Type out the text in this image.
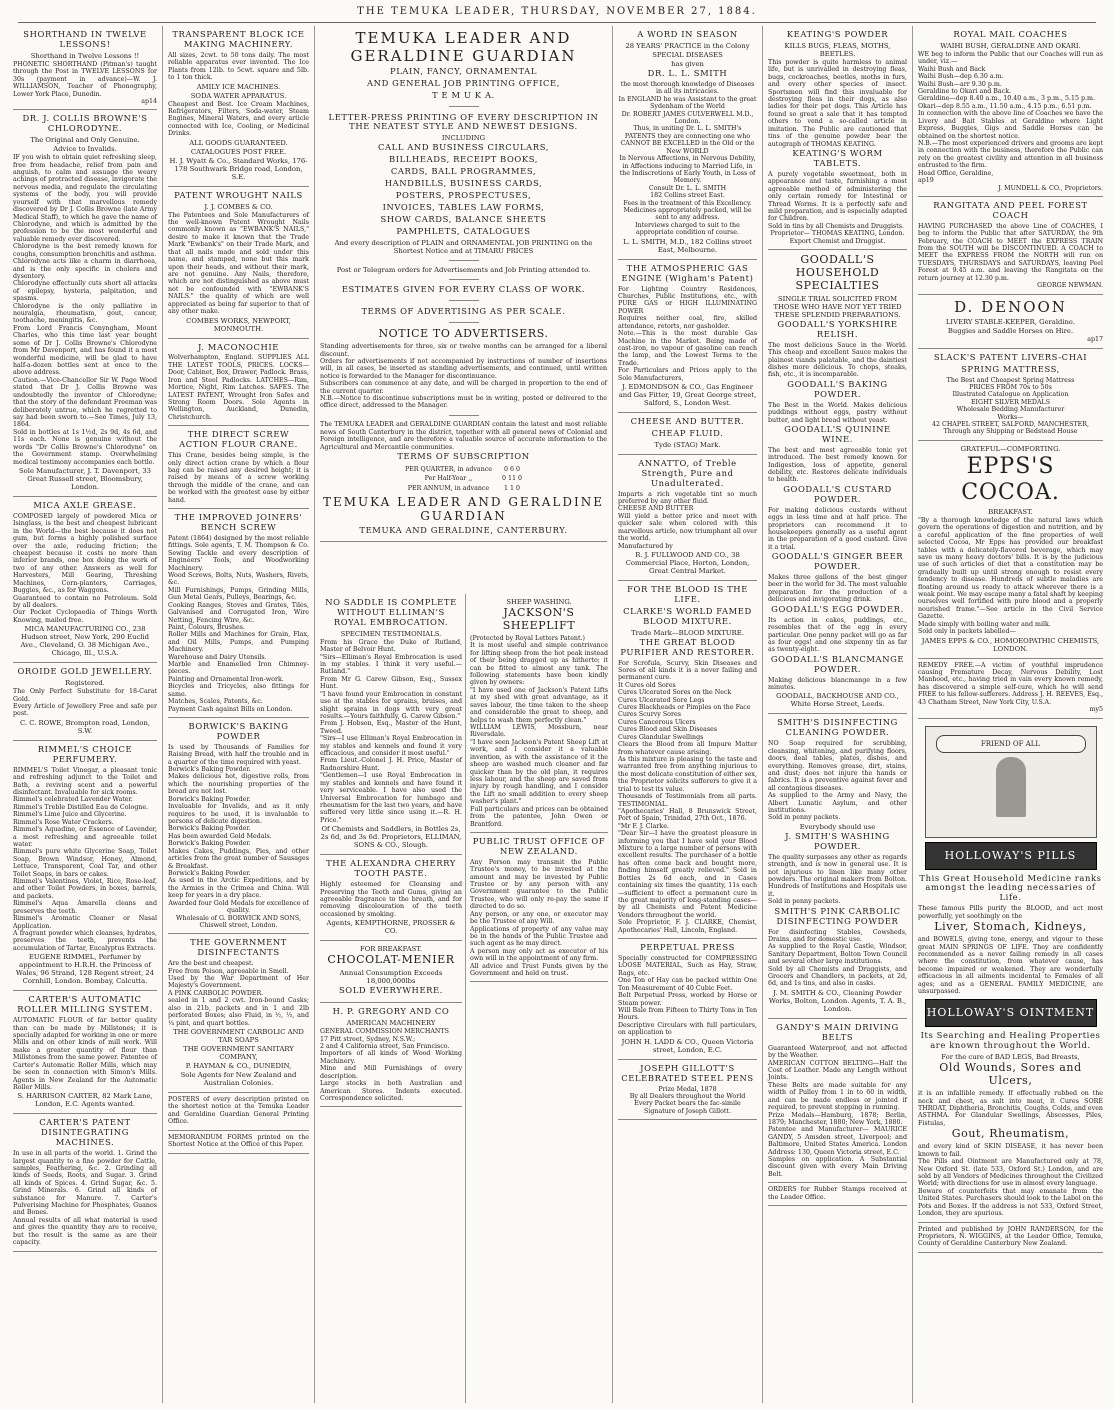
THE TEMUKA LEADER, THURSDAY, NOVEMBER 27, 1884.
SHORTHAND IN TWELVE LESSONS!
Shorthand in Twelve Lessons !!
PHONETIC SHORTHAND (Pitman's) taught through the Post in TWELVE LESSONS for 30s (payment in advance)—W. J. WILLIAMSON, Teacher of Phonography, Lower York Place, Dunedin.
ap14
DR. J. COLLIS BROWNE'S CHLORODYNE.
The Original and Only Genuine.
Advice to Invalids.
IF you wish to obtain quiet refreshing sleep, free from headache, relief from pain and anguish, to calm and assuage the weary achings of protracted disease, invigorate the nervous media, and regulate the circulating systems of the body, you will provide yourself with that marvellous remedy discovered by Dr J. Collis Browne (late Army Medical Staff), to which he gave the name of Chlorodyne, and which is admitted by the profession to be the most wonderful and valuable remedy ever discovered.
Chlorodyne is the best remedy known for coughs, consumption bronchitis and asthma.
Chlorodyne acts like a charm in diarrhoea, and is the only specific in cholera and dysentery.
Chlorodyne effectually cuts short all attacks of epilepsy, hysteria, palpitation, and spasms.
Chlorodyne is the only palliative in neuralgia, rheumatism, gout, cancer, toothache, meningitis, &c.
From Lord Francis Conyngham, Mount Charles, who this time last year bought some of Dr J. Collis Browne's Chlorodyne from Mr Davenport, and has found it a most wonderful medicine, will be glad to have half-a-dozen bottles sent at once to the above address.
Caution.—Vice-Chancellor Sir W. Page Wood stated that Dr J. Collis Browne was undoubtedly the inventor of Chlorodyne; that the story of the defendant Freeman was deliberately untrue, which he regretted to say had been sworn to.—See Times, July 13, 1864.
Sold in bottles at 1s 1½d, 2s 9d, 4s 6d, and 11s each. None is genuine without the words "Dr Collis Browne's Chlorodyne" on the Government stamp. Overwhelming medical testimony accompanies each bottle.
Sole Manufacturer, J. T. Davenport, 33 Great Russell street, Bloomsbury, London.
MICA AXLE GREASE.
COMPOSED largely of powdered Mica or Isinglass, is the best and cheapest lubricant in the World—the best because it does not gum, but forms a highly polished surface over the axle, reducing friction; the cheapest because it costs no more than inferior brands, one box doing the work of two of any other. Answers as well for Harvesters, Mill Gearing, Threshing Machines, Corn-planters, Carriages, Buggies, &c., as for Waggons.
Guaranteed to contain no Petroleum. Sold by all dealers.
Our Pocket Cyclopaedia of Things Worth Knowing, mailed free.
MICA MANUFACTURING CO., 238 Hudson street, New York, 290 Euclid Ave., Cleveland, O. 38 Michigan Ave., Chicago, Ill., U.S.A.
OROIDE GOLD JEWELLERY.
Registered.
The Only Perfect Substitute for 18-Carat Gold.
Every Article of Jewellery Free and safe per post.
C. C. ROWE, Brompton road, London, S.W.
RIMMEL'S CHOICE PERFUMERY.
RIMMEL'S Toilet Vinegar, a pleasant tonic and refreshing adjunct to the Toilet and Bath, a reviving scent and a powerful disinfectant. Invaluable for sick rooms.
Rimmel's celebrated Lavender Water.
Rimmel's Treble Distilled Eau de Cologne.
Rimmel's Lime Juice and Glycerine.
Rimmel's Rose Water Crackers.
Rimmel's Aquadine, or Essence of Lavender, a most refreshing and agreeable toilet water.
Rimmel's pure white Glycerine Soap, Toilet Soap, Brown Windsor, Honey, Almond, Lettuce, Transparent, Coal Tar, and other Toilet Soaps, in bars or cakes.
Rimmel's Valentines, Violet, Rice, Rose-leaf, and other Toilet Powders, in boxes, barrels, and packets.
Rimmel's Aqua Amarella cleans and preserves the teeth.
Rimmel's Aromatic Cleaner or Nasal Application.
A fragrant powder which cleanses, hydrates, preserves the teeth, prevents the accumulation of Tartar, Eucalyptus Extracts.
EUGENE RIMMEL, Perfumer by appointment to H.R.H. the Princess of Wales, 96 Strand, 128 Regent street, 24 Cornhill, London. Bombay, Calcutta.
CARTER'S AUTOMATIC ROLLER MILLING SYSTEM.
AUTOMATIC FLOUR of far better quality than can be made by Millstones; it is specially adapted for working in one or more Mills and on other kinds of mill work. Will make a greater quantity of flour than Millstones from the same power. Patentee of Carter's Automatic Roller Mills, which may be seen in connection with Simon's Mills. Agents in New Zealand for the Automatic Roller Mills.
S. HARRISON CARTER, 82 Mark Lane, London, E.C. Agents wanted.
CARTER'S PATENT DISINTEGRATING MACHINES.
In use in all parts of the world. 1. Grind the largest quantity to a fine powder for Cattle, samples, Feathering, &c. 2. Grinding all kinds of Seeds, Roots, and Sugar. 3. Grind all kinds of Spices. 4. Grind Sugar, &c. 5. Grind Minerals. 6. Grind all kinds of substance for Manure. 7. Carter's Pulverising Machine for Phosphates, Guanos and Bones.
Annual results of all what material is used and gives the quantity they are to receive, but the result is the same as are their capacity.
TRANSPARENT BLOCK ICE MAKING MACHINERY.
All sizes, 2cwt. to 50 tons daily. The most reliable apparatus ever invented. The Ice Plants from 12lb. to 5cwt. square and 5lb. to 1 ton thick.
AMILY ICE MACHINES.
SODA WATER APPARATUS.
Cheapest and Best. Ice Cream Machines, Refrigerators, Filters, Soda-water, Steam Engines, Mineral Waters, and every article connected with Ice, Cooling, or Medicinal Drinks.
ALL GOODS GUARANTEED.
CATALOGUES POST FREE.
H. J. Wyatt & Co., Standard Works, 176-178 Southwark Bridge road, London, S.E.
PATENT WROUGHT NAILS
J. J. COMBES & CO.
The Patentees and Sole Manufacturers of the well-known Patent Wrought Nails commonly known as "EWBANK'S NAILS," desire to make it known that the Trade Mark "Ewbank's" on their Trade Mark, and that all nails made and sold under this name, and stamped, none but this mark upon their heads, and without their mark, are not genuine. Any Nails, therefore, which are not distinguished as above must not be confounded with "EWBANK'S NAILS." the quality of which are well appreciated as being far superior to that of any other make.
COMBES WORKS, NEWPORT, MONMOUTH.
J. MACONOCHIE
Wolverhampton, England. SUPPLIES ALL THE LATEST TOOLS, PRICES. LOCKS—Door, Cabinet, Box, Drawer, Padlock. Brass, Iron and Steel Padlocks. LATCHES—Rim, Mortice, Night, Rim Latches. SAFES. The LATEST PATENT, Wrought Iron Safes and Strong Room Doors. Sole Agents in Wellington, Auckland, Dunedin, Christchurch.
THE DIRECT SCREW ACTION FLOUR CRANE.
This Crane, besides being simple, is the only direct action crane by which a flour bag can be raised any desired height; it is raised by means of a screw working through the middle of the crane, and can be worked with the greatest ease by either hand.
THE IMPROVED JOINERS' BENCH SCREW
Patent (1864) designed by the most reliable fittings. Sole agents, T. M. Thompson & Co. Sewing Tackle and every description of Engineers' Tools, and Woodworking Machinery.
Wood Screws, Bolts, Nuts, Washers, Rivets, &c.
Mill Furnishings, Pumps, Grinding Mills, Gun Metal Gears, Pulleys, Bearings, &c.
Cooking Ranges, Stoves and Grates, Tiles, Galvanised and Corrugated Iron, Wire Netting, Fencing Wire, &c.
Paint, Colours, Brushes.
Roller Mills and Machines for Grain, Flax, and Oil Mills, Pumps, and Pumping Machinery.
Warehouse and Dairy Utensils.
Marble and Enamelled Iron Chimney-pieces.
Painting and Ornamental Iron-work.
Bicycles and Tricycles, also fittings for same.
Matches, Scales, Patents, &c.
Payment Cash against Bills on London.
BORWICK'S BAKING POWDER
Is used by Thousands of Families for Raising Bread, with half the trouble and in a quarter of the time required with yeast.
Borwick's Baking Powder.
Makes delicious hot, digestive rolls, from which the nourishing properties of the bread are not lost.
Borwick's Baking Powder.
Invaluable for Invalids, and as it only requires to be used, it is invaluable to persons of delicate digestion.
Borwick's Baking Powder.
Has been awarded Gold Medals.
Borwick's Baking Powder.
Makes Cakes, Puddings, Pies, and other articles from the great number of Sausages & Breakfast.
Borwick's Baking Powder.
As used in the Arctic Expeditions, and by the Armies in the Crimea and China. Will keep for years in a dry place.
Awarded four Gold Medals for excellence of quality.
Wholesale of G. BORWICK AND SONS, Chiswell street, London.
THE GOVERNMENT DISINFECTANTS
Are the best and cheapest.
Free from Poison, agreeable in Smell.
Used by the War Department of Her Majesty's Government.
A PINK CARBOLIC POWDER.
sealed in 1 and 2 cwt. Iron-bound Casks; also in 21b, packets and in 1 and 2lb perforated Boxes; also Fluid, in ½, ⅓, and ¼ pint, and quart bottles.
THE GOVERNMENT CARBOLIC AND TAR SOAPS
THE GOVERNMENT SANITARY COMPANY,
P. HAYMAN & CO., DUNEDIN,
Sole Agents for New Zealand and Australian Colonies.
POSTERS of every description printed on the shortest notice at the Temuka Leader and Geraldine Guardian General Printing Office.
MEMORANDUM FORMS printed on the Shortest Notice at the Office of this Paper.
TEMUKA LEADER AND GERALDINE GUARDIAN
PLAIN, FANCY, ORNAMENTAL
AND GENERAL JOB PRINTING OFFICE,
T E M U K A.
LETTER-PRESS PRINTING OF EVERY DESCRIPTION IN THE NEATEST STYLE AND NEWEST DESIGNS.
INCLUDING
CALL AND BUSINESS CIRCULARS,
BILLHEADS, RECEIPT BOOKS,
CARDS, BALL PROGRAMMES,
HANDBILLS, BUSINESS CARDS,
POSTERS, PROSPECTUSES,
INVOICES, TABLES LAW FORMS,
SHOW CARDS, BALANCE SHEETS
PAMPHLETS, CATALOGUES
And every description of PLAIN and ORNAMENTAL JOB PRINTING on the Shortest Notice and at TIMARU PRICES
Post or Telegram orders for Advertisements and Job Printing attended to.
ESTIMATES GIVEN FOR EVERY CLASS OF WORK.
TERMS OF ADVERTISING AS PER SCALE.
NOTICE TO ADVERTISERS.
Standing advertisements for three, six or twelve months can be arranged for a liberal discount.
Orders for advertisements if not accompanied by instructions of number of insertions will, in all cases, be inserted as standing advertisements, and continued, until written notice is forwarded to the Manager for discontinuance.
Subscribers can commence at any date, and will be charged in proportion to the end of the current quarter.
N.B.—Notice to discontinue subscriptions must be in writing, posted or delivered to the office direct, addressed to the Manager.
The TEMUKA LEADER and GERALDINE GUARDIAN contain the latest and most reliable news of South Canterbury in the district, together with all general news of Colonial and Foreign intelligence, and are therefore a valuable source of accurate information to the Agricultural and Mercantile communities.
TERMS OF SUBSCRIPTION
PER QUARTER, in advance	0 6 0
Per Half-Year ,,	0 11 0
PER ANNUM, in advance	1 1 0
TEMUKA LEADER AND GERALDINE GUARDIAN
TEMUKA AND GERALDINE, CANTERBURY.
NO SADDLE IS COMPLETE WITHOUT ELLIMAN'S ROYAL EMBROCATION.
SPECIMEN TESTIMONIALS.
From his Grace the Duke of Rutland, Master of Belvoir Hunt.
"Sirs—Elliman's Royal Embrocation is used in my stables. I think it very useful.—Rutland."
From Mr G. Carew Gibson, Esq., Sussex Hunt.
"I have found your Embrocation in constant use at the stables for sprains, bruises, and slight sprains in dogs with very great results.—Yours faithfully, G. Carew Gibson."
From J. Hobson, Esq., Master of the Hunt, Tweed.
"Sirs—I use Elliman's Royal Embrocation in my stables and kennels and found it very efficacious, and consider it most useful."
From Lieut.-Colonel J. H. Price, Master of Radnorshire Hunt.
"Gentlemen—I use Royal Embrocation in my stables and kennels and have found it very serviceable. I have also used the Universal Embrocation for lumbago and rheumatism for the last two years, and have suffered very little since using it.—R. H. Price."
Of Chemists and Saddlers, in Bottles 2s, 2s 6d, and 3s 6d. Proprietors, ELLIMAN, SONS & CO., Slough.
THE ALEXANDRA CHERRY TOOTH PASTE.
Highly esteemed for Cleansing and Preserving the Teeth and Gums, giving an agreeable fragrance to the breath, and for removing discolouration of the teeth occasioned by smoking.
Agents, KEMPTHORNE, PROSSER & CO.
FOR BREAKFAST.
CHOCOLAT-MENIER
Annual Consumption Exceeds 18,000,000lbs
SOLD EVERYWHERE.
H. P. GREGORY AND CO
AMERICAN MACHINERY
GENERAL COMMISSION MERCHANTS
17 Pitt street, Sydney, N.S.W.;
2 and 4 California street, San Francisco.
Importers of all kinds of Wood Working Machinery.
Mine and Mill Furnishings of every description.
Large stocks in both Australian and American Stores. Indents executed. Correspondence solicited.
SHEEP WASHING.
JACKSON'S SHEEPLIFT
(Protected by Royal Letters Patent.)
It is most useful and simple contrivance for lifting sheep from the hot peak instead of their being dragged up as hitherto; it can be fitted to almost any tank. The following statements have been kindly given by owners:
"I have used one of Jackson's Patent Lifts at my shed with great advantage, as it saves labour, the time taken to the sheep and considerable the great to sheep, and helps to wash them perfectly clean."
WILLIAM LEWIS, Mossburn, near Riversdale.
"I have seen Jackson's Patent Sheep Lift at work, and I consider it a valuable invention, as with the assistance of it the sheep are washed much cleaner and far quicker than by the old plan, it requires less labour, and the sheep are saved from injury by rough handling, and I consider the Lift no small addition to every sheep washer's plant."
Full particulars and prices can be obtained from the patentee, John Owen or Brantford.
PUBLIC TRUST OFFICE OF NEW ZEALAND.
Any Person may transmit the Public Trustee's money, to be invested at the amount and may be invested by Public Trustee or by any person with any Government guarantee to the Public Trustee, who will only re-pay the same if directed to do so.
Any person, or any one, or executor may be the Trustee of any Will.
Applications of property of any value may be in the hands of the Public Trustee and such agent as he may direct.
A person may only act as executor of his own will in the appointment of any firm.
All advice and Trust Funds given by the Government and held on trust.
A WORD IN SEASON
28 YEARS' PRACTICE in the Colony
SPECIAL DISEASES
has given
DR. L. L. SMITH
the most thorough knowledge of Diseases in all its intricacies.
In ENGLAND he was Assistant to the great Sydenham of the World
Dr. ROBERT JAMES CULVERWELL M.D., London.
Thus, in uniting Dr. L. L. SMITH's PATENTS they are connecting one who CANNOT BE EXCELLED in the Old or the New WORLD
In Nervous Affections, in Nervous Debility, in Affections inducing to Married Life, in the Indiscretions of Early Youth, in Loss of Memory.
Consult Dr. L. L. SMITH
182 Collins street East.
Fees in the treatment of this Excellency.
Medicines appropriately packed, will be sent to any address.
Interviews charged to suit to the appropriate condition of course.
L. L. SMITH, M.D., 182 Collins street East, Melbourne.
THE ATMOSPHERIC GAS ENGINE (Wigham's Patent)
For Lighting Country Residences, Churches, Public Institutions, etc., with PURE GAS or HIGH ILLUMINATING POWER
Requires neither coal, fire, skilled attendance, retorts, nor gasholder.
Note.—This is the most durable Gas Machine in the Market. Being made of cast-iron, no vapour of gasoline can reach the lamp, and the Lowest Terms to the Trade.
For Particulars and Prices apply to the Sole Manufacturers,
J. EDMONDSON & CO., Gas Engineer and Gas Fitter, 19, Great George street, Salford, S., London West.
CHEESE AND BUTTER.
CHEAP FLUID.
Tyde (STAG) Mark.
ANNATTO, of Treble Strength, Pure and Unadulterated.
Imparts a rich vegetable tint so much preferred by any other fluid.
CHEESE AND BUTTER
Will yield a better price and meet with quicker sale when colored with this marvellous article, now triumphant all over the world.
Manufactured by
R. J. FULLWOOD AND CO., 38 Commercial Place, Horton, London, Great Central Market.
FOR THE BLOOD IS THE LIFE.
CLARKE'S WORLD FAMED BLOOD MIXTURE.
Trade Mark—BLOOD MIXTURE.
THE GREAT BLOOD PURIFIER AND RESTORER.
For Scrofula, Scurvy, Skin Diseases and Sores of all kinds it is a never failing and permanent cure.
It Cures old Sores
Cures Ulcerated Sores on the Neck
Cures Ulcerated Sore Legs
Cures Blackheads or Pimples on the Face
Cures Scurvy Sores
Cures Cancerous Ulcers
Cures Blood and Skin Diseases
Cures Glandular Swellings
Clears the Blood from all Impure Matter from whatever cause arising.
As this mixture is pleasing to the taste and warranted free from anything injurious to the most delicate constitution of either sex, the Proprietor solicits sufferers to give it a trial to test its value.
Thousands of Testimonials from all parts. TESTIMONIAL.
"Apothecaries' Hall, 8 Brunswick Street, Port of Spain, Trinidad, 27th Oct., 1876.
"Mr F. J. Clarke.
"Dear Sir—I have the greatest pleasure in informing you that I have sold your Blood Mixture to a large number of persons with excellent results. The purchaser of a bottle has often come back and bought more, finding himself greatly relieved." Sold in Bottles 2s 6d each, and in Cases containing six times the quantity, 11s each—sufficient to effect a permanent cure in the great majority of long-standing cases—by all Chemists and Patent Medicine Vendors throughout the world.
Sole Proprietor, F. J. CLARKE, Chemist, Apothecaries' Hall, Lincoln, England.
PERPETUAL PRESS
Specially constructed for COMPRESSING LOOSE MATERIAL, Such as Hay, Straw, Rags, etc.
One Ton of Hay can be packed within One Ton Measurement of 40 Cubic Feet.
Belt Perpetual Press, worked by Horse or Steam power.
Will Bale from Fifteen to Thirty Tons in Ten Hours.
Descriptive Circulars with full particulars, on application to
JOHN H. LADD & CO., Queen Victoria street, London, E.C.
JOSEPH GILLOTT'S CELEBRATED STEEL PENS
Prize Medal, 1878
By all Dealers throughout the World
Every Packet bears the fac-simile Signature of Joseph Gillott.
KEATING'S POWDER
KILLS BUGS, FLEAS, MOTHS, BEETLES.
This powder is quite harmless to animal life, but is unrivalled in destroying fleas, bugs, cockroaches, beetles, moths in furs, and every other species of insect. Sportsmen will find this invaluable for destroying fleas in their dogs, as also ladies for their pet dogs. This Article has found so great a sale that it has tempted others to vend a so-called article in imitation. The Public are cautioned that tins of the genuine powder bear the autograph of THOMAS KEATING.
KEATING'S WORM TABLETS.
A purely vegetable sweetmeat, both in appearance and taste, furnishing a most agreeable method of administering the only certain remedy for Intestinal or Thread Worms. It is a perfectly safe and mild preparation, and is especially adapted for Children.
Sold in tins by all Chemists and Druggists.
Proprietor— THOMAS KEATING, London.
Export Chemist and Druggist.
GOODALL'S HOUSEHOLD SPECIALTIES
SINGLE TRIAL SOLICITED FROM THOSE WHO HAVE NOT YET TRIED THESE SPLENDID PREPARATIONS.
GOODALL'S YORKSHIRE RELISH.
The most delicious Sauce in the World. This cheap and excellent Sauce makes the plainest viands palatable, and the daintiest dishes more delicious. To chops, steaks, fish, etc., it is incomparable.
GOODALL'S BAKING POWDER.
The Best in the World. Makes delicious puddings without eggs, pastry without butter, and light bread without yeast.
GOODALL'S QUININE WINE.
The best and most agreeable tonic yet introduced. The best remedy known for Indigestion, loss of appetite, general debility, etc. Restores delicate individuals to health.
GOODALL'S CUSTARD POWDER.
For making delicious custards without eggs in less time and at half price. The proprietors can recommend it to housekeepers generally as a useful agent in the preparation of a good custard. Give it a trial.
GOODALL'S GINGER BEER POWDER.
Makes three gallons of the best ginger beer in the world for 3d. The most valuable preparation for the production of a delicious and invigorating drink.
GOODALL'S EGG POWDER.
Its action in cakes, puddings, etc., resembles that of the egg in every particular. One penny packet will go as far as four eggs! and one sixpenny tin as far as twenty-eight.
GOODALL'S BLANCMANGE POWDER.
Making delicious blancmange in a few minutes.
GOODALL, BACKHOUSE AND CO., White Horse Street, Leeds.
SMITH'S DISINFECTING CLEANING POWDER.
NO Soap required for scrubbing, cleansing, whitening, and purifying floors, doors, deal tables, plates, dishes, and everything. Removes grease, dirt, stains, and dust; does not injure the hands or fabrics. It is a preventive against fever and all contagious diseases.
As supplied to the Army and Navy, the Albert Lunatic Asylum, and other institutions.
Sold in penny packets.
Everybody should use
J. SMITH'S WASHING POWDER.
The quality surpasses any other as regards strength, and is now in general use. It is not injurious to linen like many other powders. The original makers from Bolton. Hundreds of Institutions and Hospitals use it.
Sold in penny packets.
SMITH'S PINK CARBOLIC DISINFECTING POWDER
For disinfecting Stables, Cowsheds, Drains, and for domestic use.
As supplied to the Royal Castle, Windsor, Sanitary Department, Bolton Town Council and several other large institutions.
Sold by all Chemists and Druggists, and Grocers and Chandlers, in packets, at 2d, 6d, and 1s tins, and also in casks.
J. M. SMITH & CO., Cleaning Powder Works, Bolton, London. Agents, T. A. B., London.
GANDY'S MAIN DRIVING BELTS
Guaranteed Waterproof, and not affected by the Weather.
AMERICAN COTTON BELTING—Half the Cost of Leather. Made any Length without Joints.
These Belts are made suitable for any width of Pulley from 1 in to 60 in width, and can be made endless or jointed if required, to prevent stopping in running.
Prize Medals—Hamburg, 1878; Berlin, 1879; Manchester, 1880; New York, 1880.
Patentee and Manufacturer— MAURICE GANDY, 5 Amsden street, Liverpool; and Baltimore, United States America. London Address: 130, Queen Victoria street, E.C.
Samples on application. A Substantial discount given with every Main Driving Belt.
ORDERS for Rubber Stamps received at the Leader Office.
ROYAL MAIL COACHES
WAIHI BUSH, GERALDINE AND OKARI.
WE beg to inform the Public that our Coaches will run as under, viz.—
Waihi Bush and Back
Waihi Bush—dep 6.30 a.m.
Waihi Bush—arr 9.30 p.m.
Geraldine to Okari and Back.
Geraldine—dep 8.40 a.m., 10.40 a.m., 3 p.m., 5.15 p.m.
Okari—dep 8.55 a.m., 11.50 a.m., 4.15 p.m., 6.51 p.m.
In connection with the above line of Coaches we have the Livery and Bait Stables at Geraldine where Light Express, Buggies, Gigs and Saddle Horses can be obtained on the shortest notice.
N.B.—The most experienced drivers and grooms are kept in connection with the business, therefore the Public can rely on the greatest civility and attention in all business entrusted to the firm.
Head Office, Geraldine,
ap19
J. MUNDELL & CO., Proprietors.
RANGITATA AND PEEL FOREST COACH
HAVING PURCHASED the above Line of COACHES, I beg to inform the Public that after SATURDAY, the 9th February, the COACH to MEET the EXPRESS TRAIN from the SOUTH will be DISCONTINUED. A COACH to MEET the EXPRESS FROM the NORTH will run on TUESDAYS, THURSDAYS and SATURDAYS, leaving Peel Forest at 9.45 a.m. and leaving the Rangitata on the return journey at 12.30 p.m.
GEORGE NEWMAN.
D. DENOON
LIVERY STABLE-KEEPER, Geraldine.
Buggies and Saddle Horses on Hire.
ap17
SLACK'S PATENT LIVERS-CHAI
SPRING MATTRESS,
The Best and Cheapest Spring Mattress
PRICES FROM 70s to 50s
Illustrated Catalogue on Application
EIGHT SILVER MEDALS
Wholesale Bedding Manufacturer
Works—
42 CHAPEL STREET, SALFORD, MANCHESTER,
Through any Shipping or Bedstead House
GRATEFUL—COMFORTING.
EPPS'S COCOA.
BREAKFAST.
"By a thorough knowledge of the natural laws which govern the operations of digestion and nutrition, and by a careful application of the fine properties of well selected Cocoa, Mr Epps has provided our breakfast tables with a delicately-flavored beverage, which may save us many heavy doctors' bills. It is by the judicious use of such articles of diet that a constitution may be gradually built up until strong enough to resist every tendency to disease. Hundreds of subtle maladies are floating around us ready to attack wherever there is a weak point. We may escape many a fatal shaft by keeping ourselves well fortified with pure blood and a properly nourished frame."—See article in the Civil Service Gazette.
Made simply with boiling water and milk.
Sold only in packets labelled—
JAMES EPPS & CO., HOMOEOPATHIC CHEMISTS, LONDON.
REMEDY FREE.—A victim of youthful imprudence causing Premature Decay, Nervous Debility, Lost Manhood, etc., having tried in vain every known remedy, has discovered a simple self-cure, which he will send FREE to his fellow-sufferers. Address J. H. REEVES, Esq., 43 Chatham Street, New York City, U.S.A.
my5
FRIEND OF ALL
HOLLOWAY'S PILLS
This Great Household Medicine ranks amongst the leading necessaries of Life.
These famous Pills purify the BLOOD, and act most powerfully, yet soothingly on the
Liver, Stomach, Kidneys,
and BOWELS, giving tone, energy, and vigour to these great MAIN SPRINGS OF LIFE. They are confidently recommended as a never failing remedy in all cases where the constitution, from whatever cause, has become impaired or weakened. They are wonderfully efficacious in all ailments incidental to Females of all ages; and as a GENERAL FAMILY MEDICINE, are unsurpassed.
HOLLOWAY'S OINTMENT
Its Searching and Healing Properties are known throughout the World.
For the cure of BAD LEGS, Bad Breasts,
Old Wounds, Sores and Ulcers,
it is an infallible remedy. If effectually rubbed on the neck and chest, as salt into meat, it Cures SORE THROAT, Diphtheria, Bronchitis, Coughs, Colds, and even ASTHMA. For Glandular Swellings, Abscesses, Piles, Fistulas,
Gout, Rheumatism,
and every kind of SKIN DISEASE, it has never been known to fail.
The Pills and Ointment are Manufactured only at 78, New Oxford St. (late 533, Oxford St.) London, and are sold by all Vendors of Medicines throughout the Civilized World; with directions for use in almost every language.
Beware of counterfeits that may emanate from the United States. Purchasers should look to the Label on the Pots and Boxes. If the address is not 533, Oxford Street, London, they are spurious.
Printed and published by JOHN RANDERSON, for the Proprietors, N. WIGGINS, at the Leader Office, Temuka, County of Geraldine Canterbury New Zealand.
